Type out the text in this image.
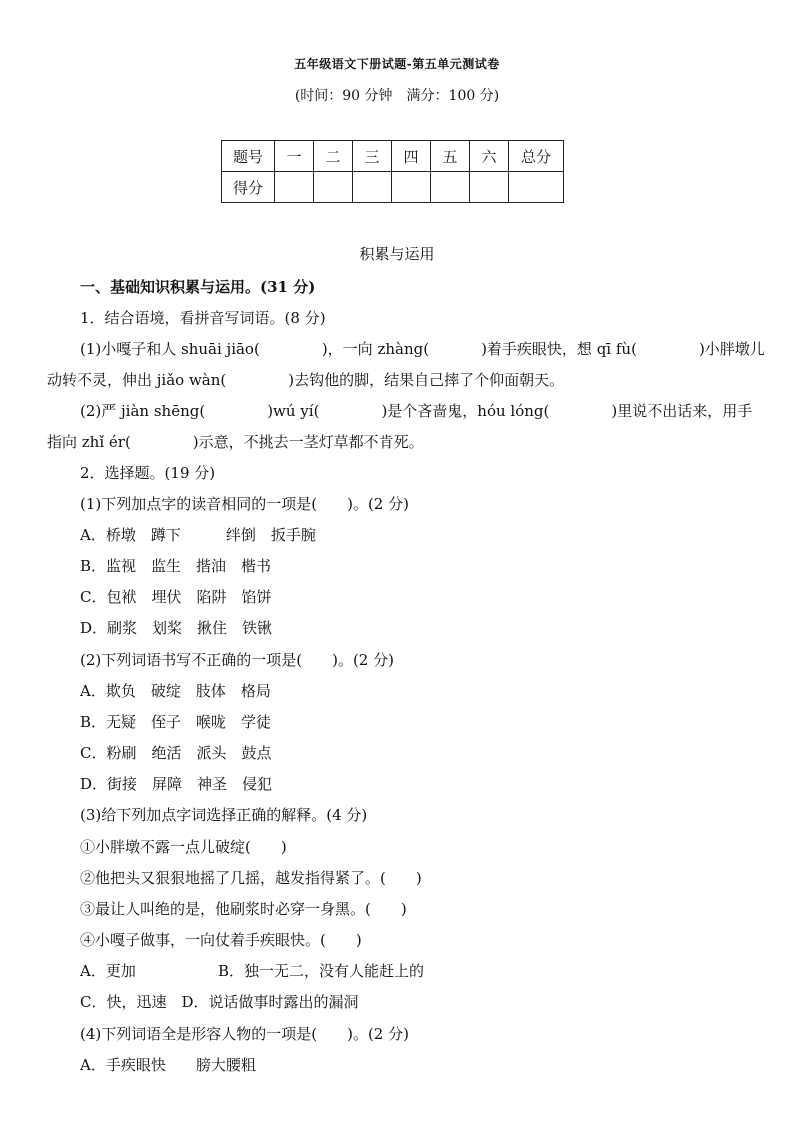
五年级语文下册试题-第五单元测试卷
(时间：90 分钟　满分：100 分)
题号	一	二	三	四	五	六	总分
得分							
积累与运用
一、基础知识积累与运用。(31 分)
1．结合语境，看拼音写词语。(8 分)
(1)小嘎子和人 shuāi jiāo(	)，一向 zhàng(	)着手疾眼快，想 qī fù(	)小胖墩儿
动转不灵，伸出 jiǎo wàn(	)去钩他的脚，结果自己摔了个仰面朝天。
(2)严 jiàn shēng(	)wú yí(	)是个吝啬鬼，hóu lóng(	)里说不出话来，用手
指向 zhǐ ér(	)示意，不挑去一茎灯草都不肯死。
2．选择题。(19 分)
(1)下列加点字的读音相同的一项是(　　)。(2 分)
A．桥墩　蹲下　　　绊倒　扳手腕
B．监视　监生　揩油　楷书
C．包袱　埋伏　陷阱　馅饼
D．刷浆　划桨　揪住　铁锹
(2)下列词语书写不正确的一项是(　　)。(2 分)
A．欺负　破绽　肢体　格局
B．无疑　侄子　喉咙　学徒
C．粉刷　绝活　派头　鼓点
D．街接　屏障　神圣　侵犯
(3)给下列加点字词选择正确的解释。(4 分)
①小胖墩不露一点儿破绽(　　)
②他把头又狠狠地摇了几摇，越发指得紧了。(　　)
③最让人叫绝的是，他刷浆时必穿一身黑。(　　)
④小嘎子做事，一向仗着手疾眼快。(　　)
A．更加	B．独一无二，没有人能赶上的
C．快，迅速　D．说话做事时露出的漏洞
(4)下列词语全是形容人物的一项是(　　)。(2 分)
A．手疾眼快　　膀大腰粗
